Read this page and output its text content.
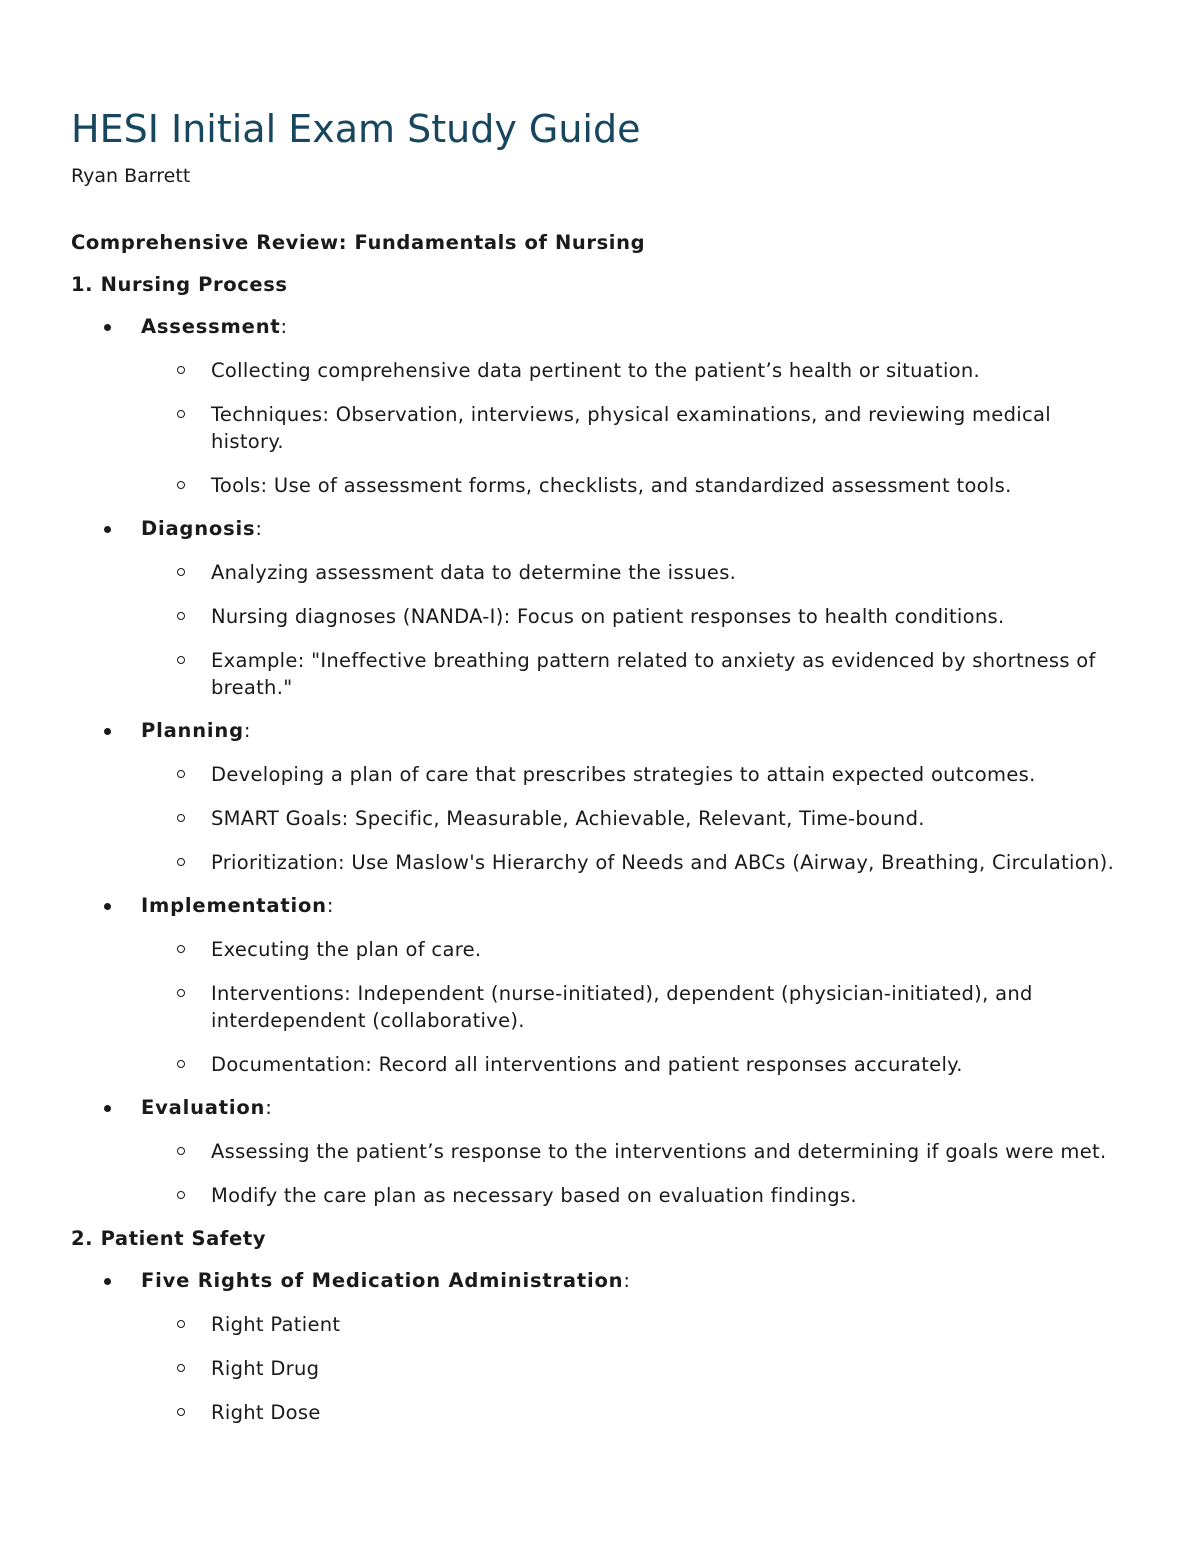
HESI Initial Exam Study Guide
Ryan Barrett
Comprehensive Review: Fundamentals of Nursing
1. Nursing Process
Assessment:
Collecting comprehensive data pertinent to the patient’s health or situation.
Techniques: Observation, interviews, physical examinations, and reviewing medical history.
Tools: Use of assessment forms, checklists, and standardized assessment tools.
Diagnosis:
Analyzing assessment data to determine the issues.
Nursing diagnoses (NANDA-I): Focus on patient responses to health conditions.
Example: "Ineffective breathing pattern related to anxiety as evidenced by shortness of breath."
Planning:
Developing a plan of care that prescribes strategies to attain expected outcomes.
SMART Goals: Specific, Measurable, Achievable, Relevant, Time-bound.
Prioritization: Use Maslow's Hierarchy of Needs and ABCs (Airway, Breathing, Circulation).
Implementation:
Executing the plan of care.
Interventions: Independent (nurse-initiated), dependent (physician-initiated), and interdependent (collaborative).
Documentation: Record all interventions and patient responses accurately.
Evaluation:
Assessing the patient’s response to the interventions and determining if goals were met.
Modify the care plan as necessary based on evaluation findings.
2. Patient Safety
Five Rights of Medication Administration:
Right Patient
Right Drug
Right Dose
